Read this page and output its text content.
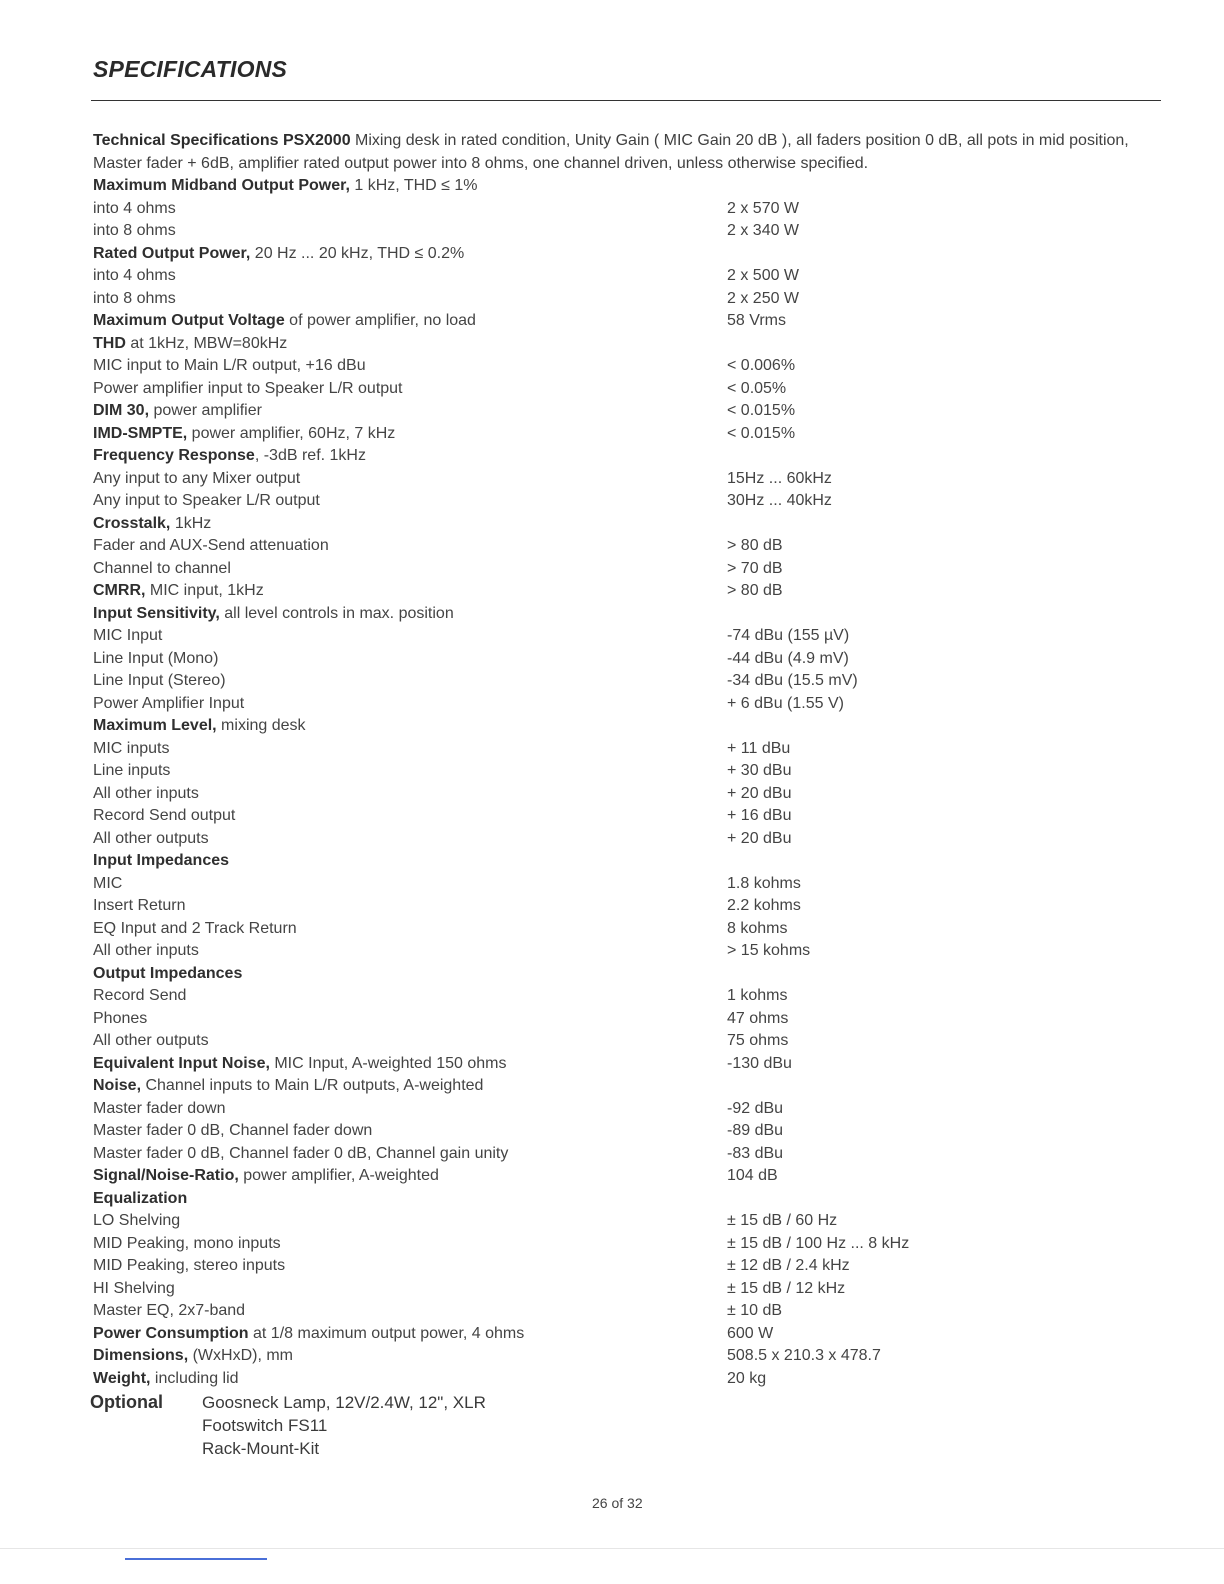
SPECIFICATIONS
Technical Specifications PSX2000 Mixing desk in rated condition, Unity Gain ( MIC Gain 20 dB ), all faders position 0 dB, all pots in mid position, Master fader + 6dB, amplifier rated output power into 8 ohms, one channel driven, unless otherwise specified.
Maximum Midband Output Power, 1 kHz, THD ≤ 1%
into 4 ohms	2 x 570 W
into 8 ohms	2 x 340 W
Rated Output Power, 20 Hz ... 20 kHz, THD ≤ 0.2%
into 4 ohms	2 x 500 W
into 8 ohms	2 x 250 W
Maximum Output Voltage of power amplifier, no load	58 Vrms
THD at 1kHz, MBW=80kHz
MIC input to Main L/R output, +16 dBu	< 0.006%
Power amplifier input to Speaker L/R output	< 0.05%
DIM 30, power amplifier	< 0.015%
IMD-SMPTE, power amplifier, 60Hz, 7 kHz	< 0.015%
Frequency Response, -3dB ref. 1kHz
Any input to any Mixer output	15Hz ... 60kHz
Any input to Speaker L/R output	30Hz ... 40kHz
Crosstalk, 1kHz
Fader and AUX-Send attenuation	> 80 dB
Channel to channel	> 70 dB
CMRR, MIC input, 1kHz	> 80 dB
Input Sensitivity, all level controls in max. position
MIC Input	-74 dBu (155 µV)
Line Input (Mono)	-44 dBu (4.9 mV)
Line Input (Stereo)	-34 dBu (15.5 mV)
Power Amplifier Input	+ 6 dBu (1.55 V)
Maximum Level, mixing desk
MIC inputs	+ 11 dBu
Line inputs	+ 30 dBu
All other inputs	+ 20 dBu
Record Send output	+ 16 dBu
All other outputs	+ 20 dBu
Input Impedances
MIC	1.8 kohms
Insert Return	2.2 kohms
EQ Input and 2 Track Return	8 kohms
All other inputs	> 15 kohms
Output Impedances
Record Send	1 kohms
Phones	47 ohms
All other outputs	75 ohms
Equivalent Input Noise, MIC Input, A-weighted 150 ohms	-130 dBu
Noise, Channel inputs to Main L/R outputs, A-weighted
Master fader down	-92 dBu
Master fader 0 dB, Channel fader down	-89 dBu
Master fader 0 dB, Channel fader 0 dB, Channel gain unity	-83 dBu
Signal/Noise-Ratio, power amplifier, A-weighted	104 dB
Equalization
LO Shelving	± 15 dB / 60 Hz
MID Peaking, mono inputs	± 15 dB / 100 Hz ... 8 kHz
MID Peaking, stereo inputs	± 12 dB / 2.4 kHz
HI Shelving	± 15 dB / 12 kHz
Master EQ, 2x7-band	± 10 dB
Power Consumption at 1/8 maximum output power, 4 ohms	600 W
Dimensions, (WxHxD), mm	508.5 x 210.3 x 478.7
Weight, including lid	20 kg
Optional Goosneck Lamp, 12V/2.4W, 12", XLR
Footswitch FS11
Rack-Mount-Kit
26 of 32
